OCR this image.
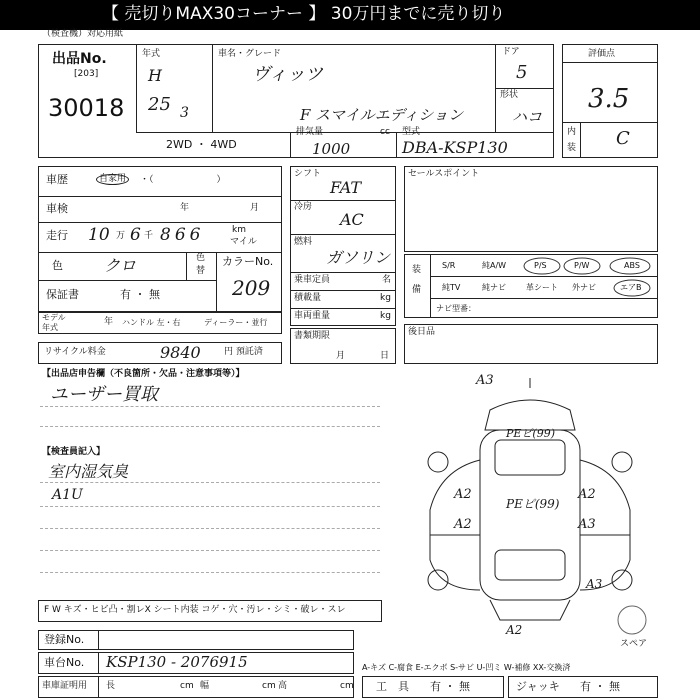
【 売切りMAX30コーナー 】 30万円までに売り切り
（検査機）対応用紙
出品No.
[203]
30018
年式
H
25 3
車名・グレード
ヴィッツ
F スマイルエディション
ドア
5
形状
ハコ
2WD ・ 4WD
排気量	cc
1000
型式
DBA-KSP130
評価点
3.5
内
装 C
車歴	自家用	・（　　　　　　　）
車検	年	月
走行 10 万 6 千 866	km
マイル
色	クロ	色
替
カラーNo.
209
保証書	有 ・ 無
モデル
年式
年 ハンドル 左・右	ディーラー・並行
リサイクル料金	9840	円 預託済
シフト
FAT
冷房
AC
燃料
ガソリン
乗車定員	名
積載量	kg
車両重量	kg
書類期限
月	日
セールスポイント
装
備
S/R	純A/W	P/S	P/W	ABS
純TV	純ナビ	革シート 外ナビ	エアB
ナビ型番：
後日品
【出品店申告欄（不良箇所・欠品・注意事項等）】
ユーザー買取
【検査員記入】
室内湿気臭
A1U
A3
PEピ(99)
PEピ(99)
A2
A2
A2
A3
A3
A2
スペア
F W キズ・ヒビ凸・割レX シート内装 コゲ・穴・汚レ・シミ・破レ・スレ
登録No.
車台No. KSP130 - 2076915
車庫証明用 長	cm 幅	cm 高	cm
A-キズ C-腐食 E-エクボ S-サビ U-凹ミ W-補修 XX-交換済
工　具 有 ・ 無	ジャッキ 有 ・ 無
